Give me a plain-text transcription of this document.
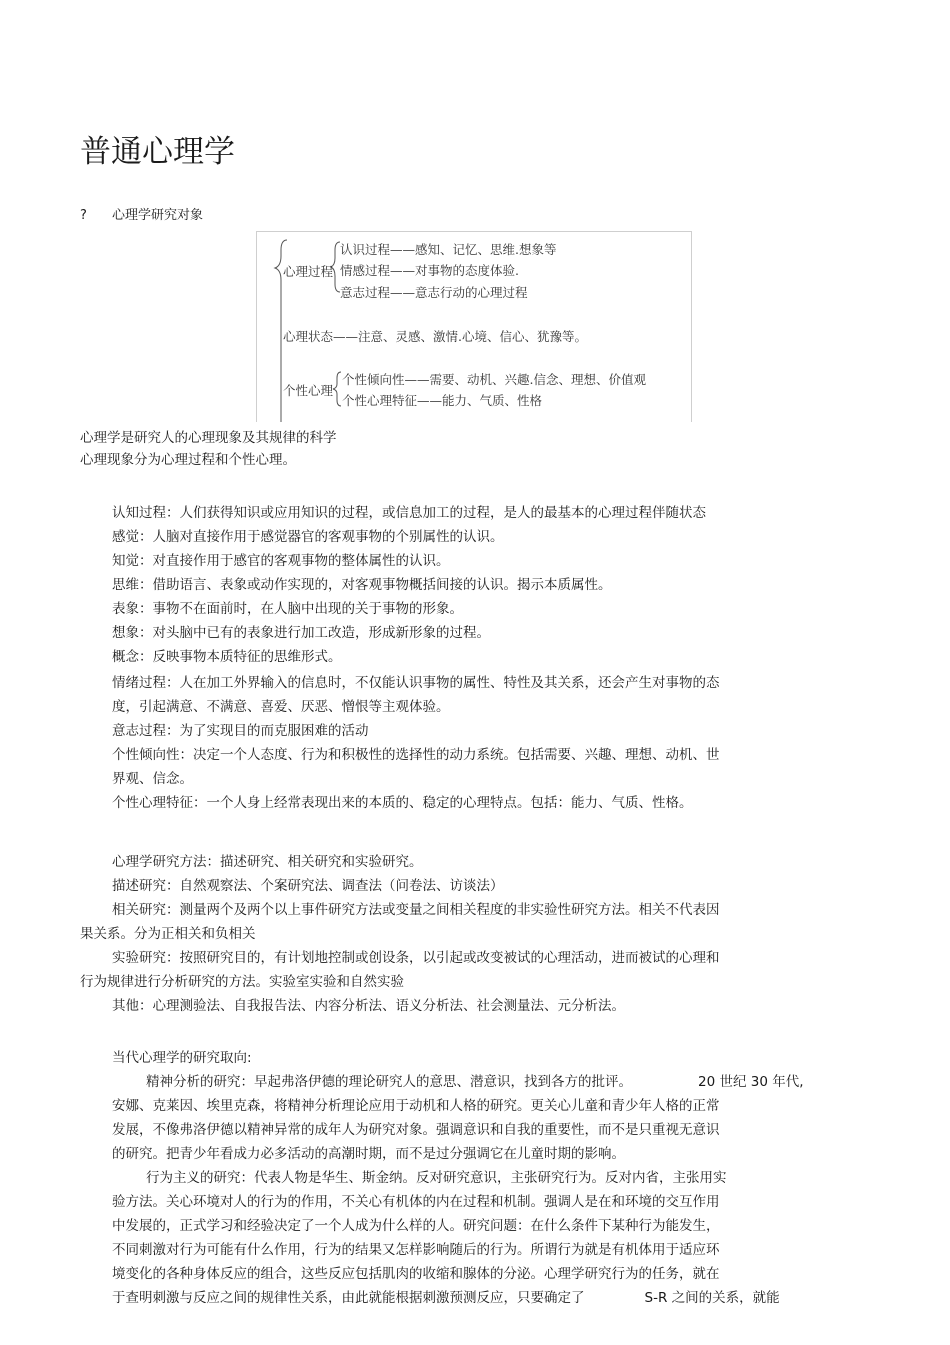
普通心理学
? 心理学研究对象
心理过程
认识过程——感知、记忆、思维.想象等
情感过程——对事物的态度体验.
意志过程——意志行动的心理过程
心理状态——注意、灵感、激情.心境、信心、犹豫等。
个性心理
个性倾向性——需要、动机、兴趣.信念、理想、价值观
个性心理特征——能力、气质、性格
心理学是研究人的心理现象及其规律的科学
心理现象分为心理过程和个性心理。
认知过程：人们获得知识或应用知识的过程，或信息加工的过程，是人的最基本的心理过程伴随状态
感觉：人脑对直接作用于感觉器官的客观事物的个别属性的认识。
知觉：对直接作用于感官的客观事物的整体属性的认识。
思维：借助语言、表象或动作实现的，对客观事物概括间接的认识。揭示本质属性。
表象：事物不在面前时，在人脑中出现的关于事物的形象。
想象：对头脑中已有的表象进行加工改造，形成新形象的过程。
概念：反映事物本质特征的思维形式。
情绪过程：人在加工外界输入的信息时，不仅能认识事物的属性、特性及其关系，还会产生对事物的态
度，引起满意、不满意、喜爱、厌恶、憎恨等主观体验。
意志过程：为了实现目的而克服困难的活动
个性倾向性：决定一个人态度、行为和积极性的选择性的动力系统。包括需要、兴趣、理想、动机、世
界观、信念。
个性心理特征：一个人身上经常表现出来的本质的、稳定的心理特点。包括：能力、气质、性格。
心理学研究方法：描述研究、相关研究和实验研究。
描述研究：自然观察法、个案研究法、调查法（问卷法、访谈法）
相关研究：测量两个及两个以上事件研究方法或变量之间相关程度的非实验性研究方法。相关不代表因
果关系。分为正相关和负相关
实验研究：按照研究目的，有计划地控制或创设条，以引起或改变被试的心理活动，进而被试的心理和
行为规律进行分析研究的方法。实验室实验和自然实验
其他：心理测验法、自我报告法、内容分析法、语义分析法、社会测量法、元分析法。
当代心理学的研究取向:
精神分析的研究：早起弗洛伊德的理论研究人的意思、潜意识，找到各方的批评。	20 世纪 30 年代,
安娜、克莱因、埃里克森，将精神分析理论应用于动机和人格的研究。更关心儿童和青少年人格的正常
发展，不像弗洛伊德以精神异常的成年人为研究对象。强调意识和自我的重要性，而不是只重视无意识
的研究。把青少年看成力必多活动的高潮时期，而不是过分强调它在儿童时期的影响。
行为主义的研究：代表人物是华生、斯金纳。反对研究意识，主张研究行为。反对内省，主张用实
验方法。关心环境对人的行为的作用，不关心有机体的内在过程和机制。强调人是在和环境的交互作用
中发展的，正式学习和经验决定了一个人成为什么样的人。研究问题：在什么条件下某种行为能发生，
不同刺激对行为可能有什么作用，行为的结果又怎样影响随后的行为。所谓行为就是有机体用于适应环
境变化的各种身体反应的组合，这些反应包括肌肉的收缩和腺体的分泌。心理学研究行为的任务，就在
于查明刺激与反应之间的规律性关系，由此就能根据刺激预测反应，只要确定了	S-R 之间的关系，就能
